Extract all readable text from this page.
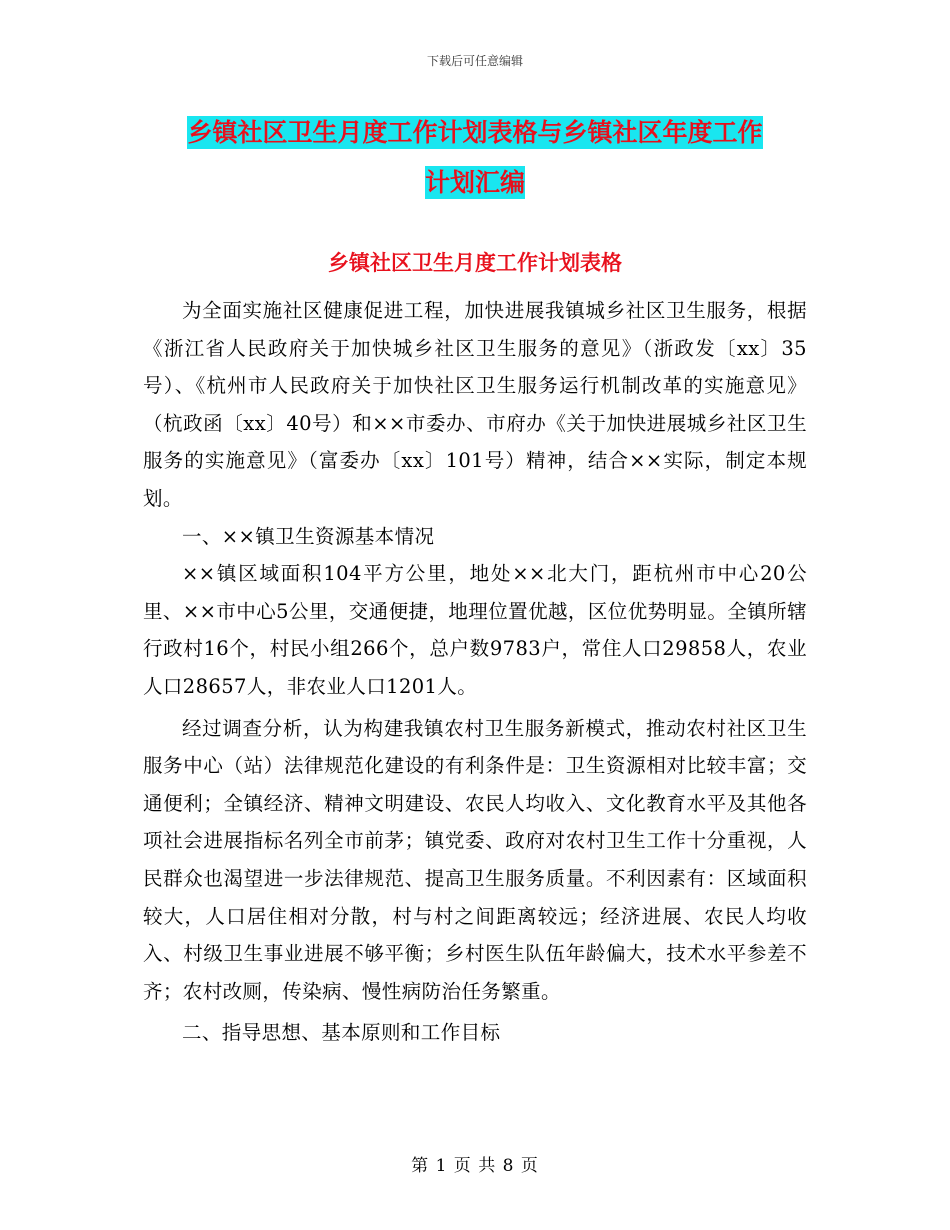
下载后可任意编辑
乡镇社区卫生月度工作计划表格与乡镇社区年度工作
计划汇编
乡镇社区卫生月度工作计划表格

为全面实施社区健康促进工程，加快进展我镇城乡社区卫生服务，根据《浙江省人民政府关于加快城乡社区卫生服务的意见》（浙政发〔xx〕35号）、《杭州市人民政府关于加快社区卫生服务运行机制改革的实施意见》（杭政函〔xx〕40号）和××市委办、市府办《关于加快进展城乡社区卫生服务的实施意见》（富委办〔xx〕101号）精神，结合××实际，制定本规划。

一、××镇卫生资源基本情况

××镇区域面积104平方公里，地处××北大门，距杭州市中心20公里、××市中心5公里，交通便捷，地理位置优越，区位优势明显。全镇所辖行政村16个，村民小组266个，总户数9783户，常住人口29858人，农业人口28657人，非农业人口1201人。

经过调查分析，认为构建我镇农村卫生服务新模式，推动农村社区卫生服务中心（站）法律规范化建设的有利条件是：卫生资源相对比较丰富；交通便利；全镇经济、精神文明建设、农民人均收入、文化教育水平及其他各项社会进展指标名列全市前茅；镇党委、政府对农村卫生工作十分重视，人民群众也渴望进一步法律规范、提高卫生服务质量。不利因素有：区域面积较大，人口居住相对分散，村与村之间距离较远；经济进展、农民人均收入、村级卫生事业进展不够平衡；乡村医生队伍年龄偏大，技术水平参差不齐；农村改厕，传染病、慢性病防治任务繁重。

二、指导思想、基本原则和工作目标

第 1 页 共 8 页
